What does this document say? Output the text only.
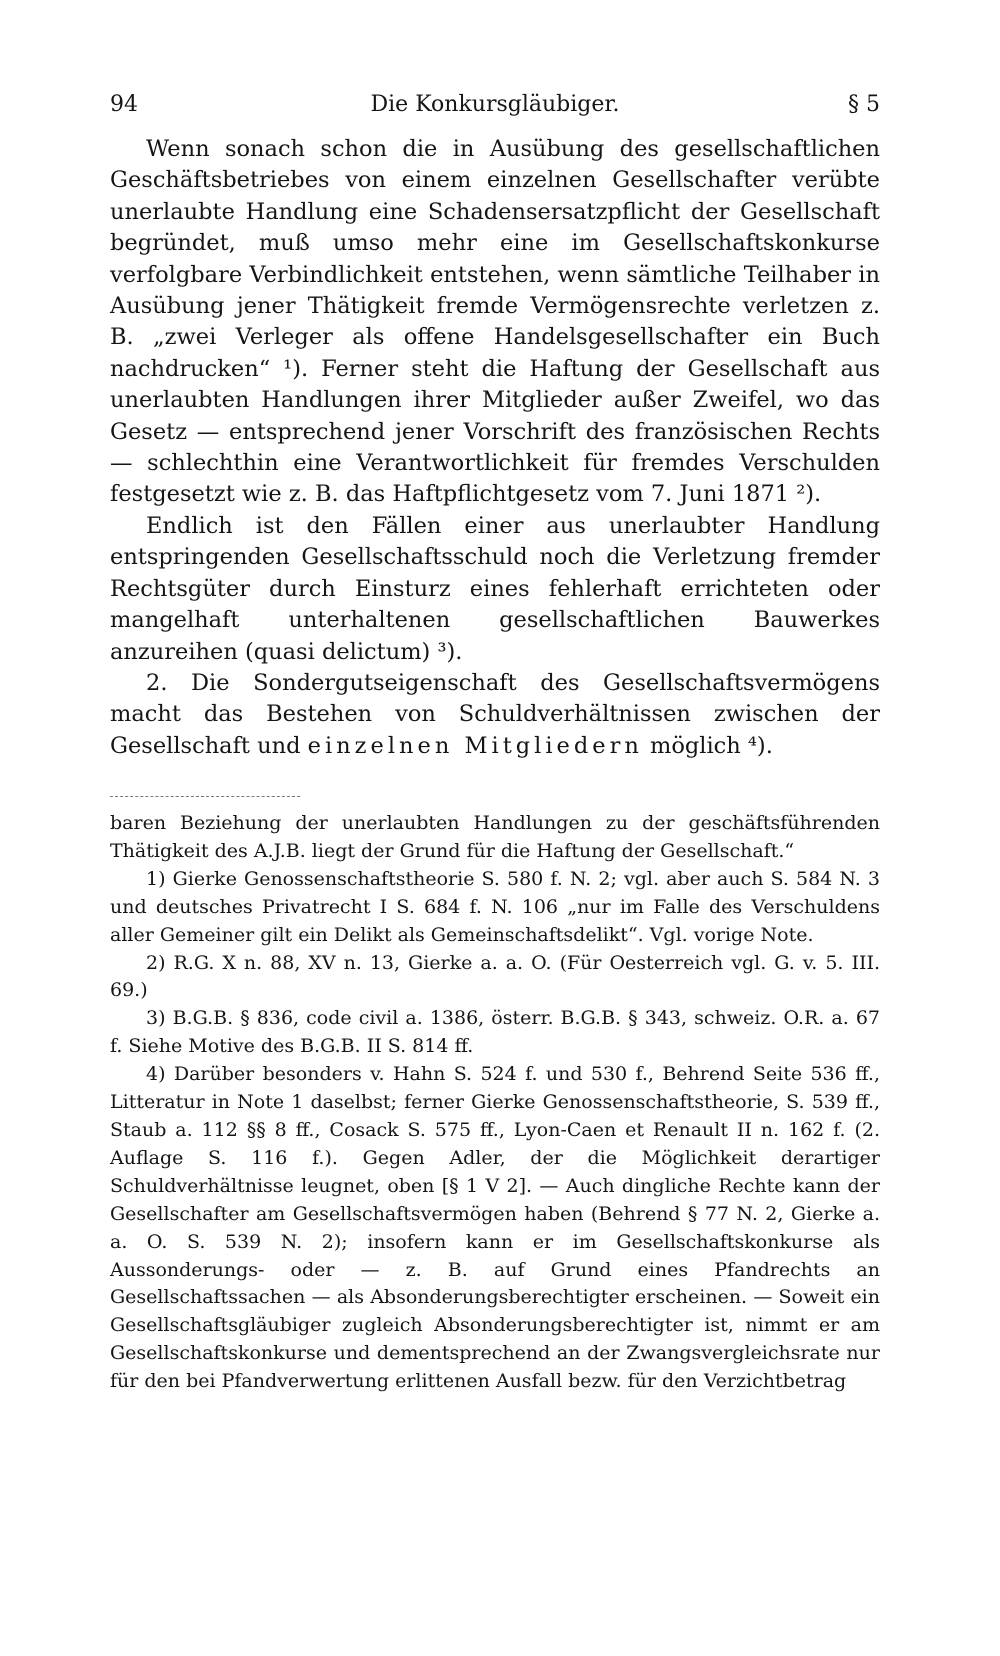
94	Die Konkursgläubiger.	§ 5

Wenn sonach schon die in Ausübung des gesellschaftlichen Geschäftsbetriebes von einem einzelnen Gesellschafter verübte unerlaubte Handlung eine Schadensersatzpflicht der Gesellschaft begründet, muß umso mehr eine im Gesellschaftskonkurse verfolgbare Verbindlichkeit entstehen, wenn sämtliche Teilhaber in Ausübung jener Thätigkeit fremde Vermögensrechte verletzen z. B. „zwei Verleger als offene Handelsgesellschafter ein Buch nachdrucken“ ¹). Ferner steht die Haftung der Gesellschaft aus unerlaubten Handlungen ihrer Mitglieder außer Zweifel, wo das Gesetz — entsprechend jener Vorschrift des französischen Rechts — schlechthin eine Verantwortlichkeit für fremdes Verschulden festgesetzt wie z. B. das Haftpflichtgesetz vom 7. Juni 1871 ²).

Endlich ist den Fällen einer aus unerlaubter Handlung entspringenden Gesellschaftsschuld noch die Verletzung fremder Rechtsgüter durch Einsturz eines fehlerhaft errichteten oder mangelhaft unterhaltenen gesellschaftlichen Bauwerkes anzureihen (quasi delictum) ³).

2. Die Sondergutseigenschaft des Gesellschaftsvermögens macht das Bestehen von Schuldverhältnissen zwischen der Gesellschaft und einzelnen Mitgliedern möglich ⁴).

baren Beziehung der unerlaubten Handlungen zu der geschäftsführenden Thätigkeit des A.J.B. liegt der Grund für die Haftung der Gesellschaft.“

1) Gierke Genossenschaftstheorie S. 580 f. N. 2; vgl. aber auch S. 584 N. 3 und deutsches Privatrecht I S. 684 f. N. 106 „nur im Falle des Verschuldens aller Gemeiner gilt ein Delikt als Gemeinschaftsdelikt“. Vgl. vorige Note.

2) R.G. X n. 88, XV n. 13, Gierke a. a. O. (Für Oesterreich vgl. G. v. 5. III. 69.)

3) B.G.B. § 836, code civil a. 1386, österr. B.G.B. § 343, schweiz. O.R. a. 67 f. Siehe Motive des B.G.B. II S. 814 ff.

4) Darüber besonders v. Hahn S. 524 f. und 530 f., Behrend Seite 536 ff., Litteratur in Note 1 daselbst; ferner Gierke Genossenschaftstheorie, S. 539 ff., Staub a. 112 §§ 8 ff., Cosack S. 575 ff., Lyon-Caen et Renault II n. 162 f. (2. Auflage S. 116 f.). Gegen Adler, der die Möglichkeit derartiger Schuldverhältnisse leugnet, oben [§ 1 V 2]. — Auch dingliche Rechte kann der Gesellschafter am Gesellschaftsvermögen haben (Behrend § 77 N. 2, Gierke a. a. O. S. 539 N. 2); insofern kann er im Gesellschaftskonkurse als Aussonderungs- oder — z. B. auf Grund eines Pfandrechts an Gesellschaftssachen — als Absonderungsberechtigter erscheinen. — Soweit ein Gesellschaftsgläubiger zugleich Absonderungsberechtigter ist, nimmt er am Gesellschaftskonkurse und dementsprechend an der Zwangsvergleichsrate nur für den bei Pfandverwertung erlittenen Ausfall bezw. für den Verzichtbetrag
